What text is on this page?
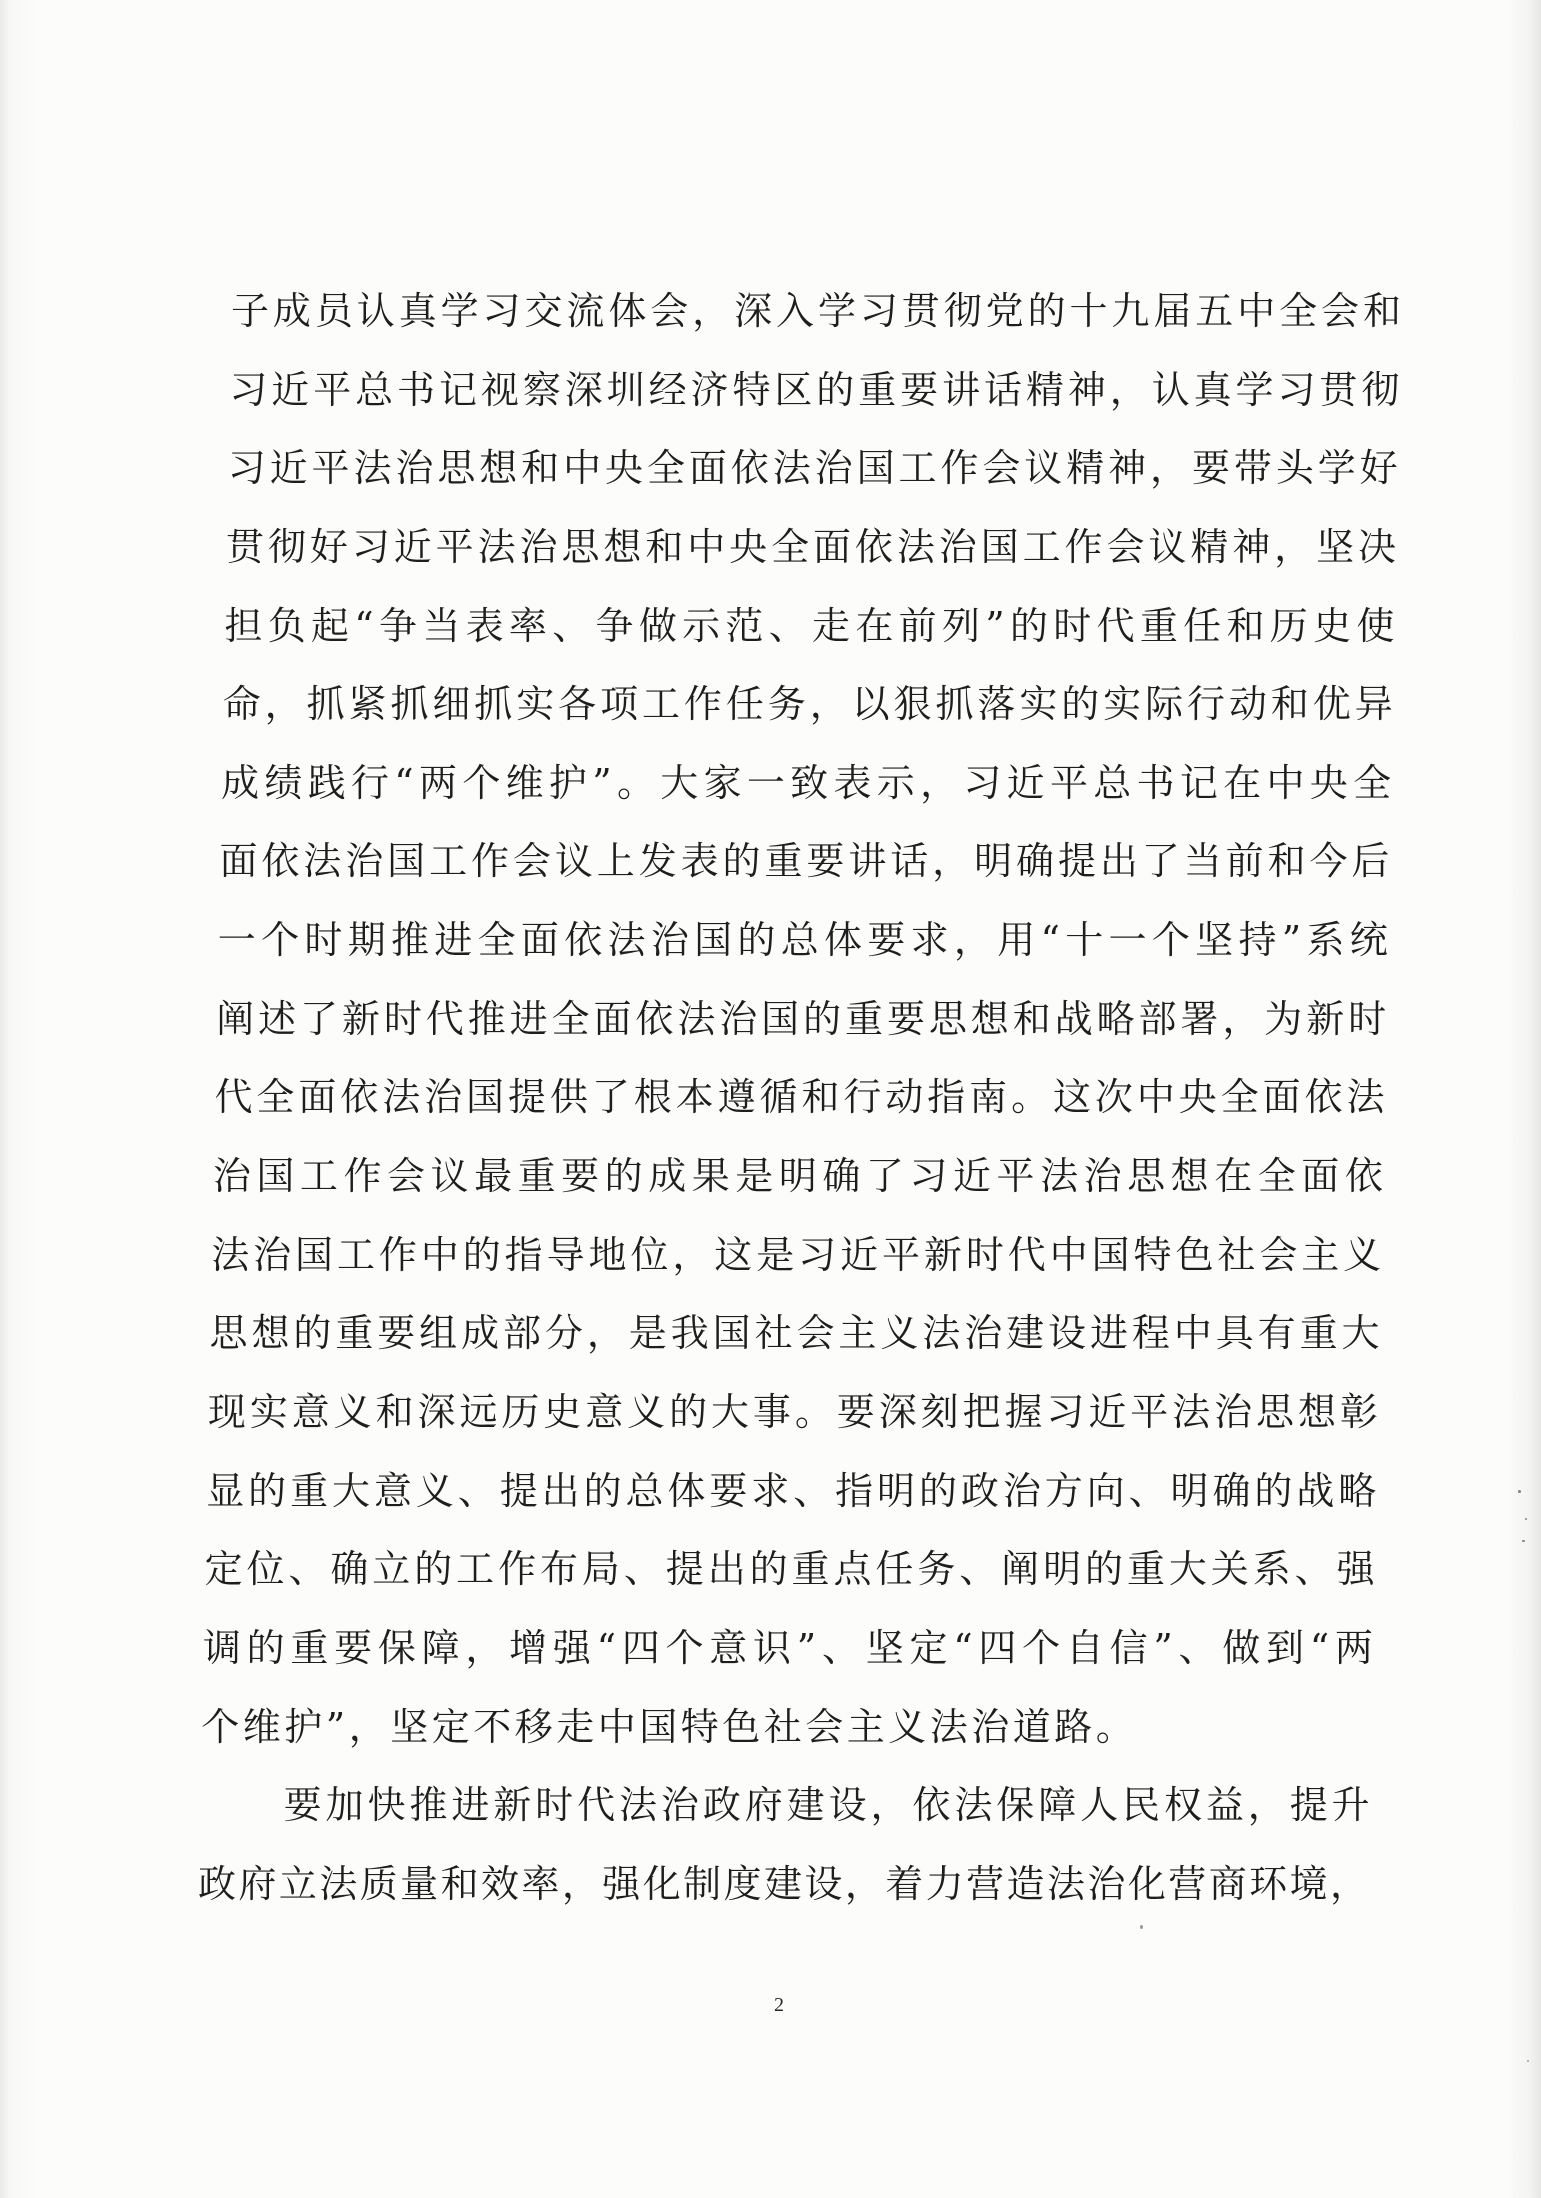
子成员认真学习交流体会，深入学习贯彻党的十九届五中全会和
习近平总书记视察深圳经济特区的重要讲话精神，认真学习贯彻
习近平法治思想和中央全面依法治国工作会议精神，要带头学好
贯彻好习近平法治思想和中央全面依法治国工作会议精神，坚决
担负起“争当表率、争做示范、走在前列”的时代重任和历史使
命，抓紧抓细抓实各项工作任务，以狠抓落实的实际行动和优异
成绩践行“两个维护”。大家一致表示，习近平总书记在中央全
面依法治国工作会议上发表的重要讲话，明确提出了当前和今后
一个时期推进全面依法治国的总体要求，用“十一个坚持”系统
阐述了新时代推进全面依法治国的重要思想和战略部署，为新时
代全面依法治国提供了根本遵循和行动指南。这次中央全面依法
治国工作会议最重要的成果是明确了习近平法治思想在全面依
法治国工作中的指导地位，这是习近平新时代中国特色社会主义
思想的重要组成部分，是我国社会主义法治建设进程中具有重大
现实意义和深远历史意义的大事。要深刻把握习近平法治思想彰
显的重大意义、提出的总体要求、指明的政治方向、明确的战略
定位、确立的工作布局、提出的重点任务、阐明的重大关系、强
调的重要保障，增强“四个意识”、坚定“四个自信”、做到“两
个维护”，坚定不移走中国特色社会主义法治道路。
要加快推进新时代法治政府建设，依法保障人民权益，提升
政府立法质量和效率，强化制度建设，着力营造法治化营商环境，
2
